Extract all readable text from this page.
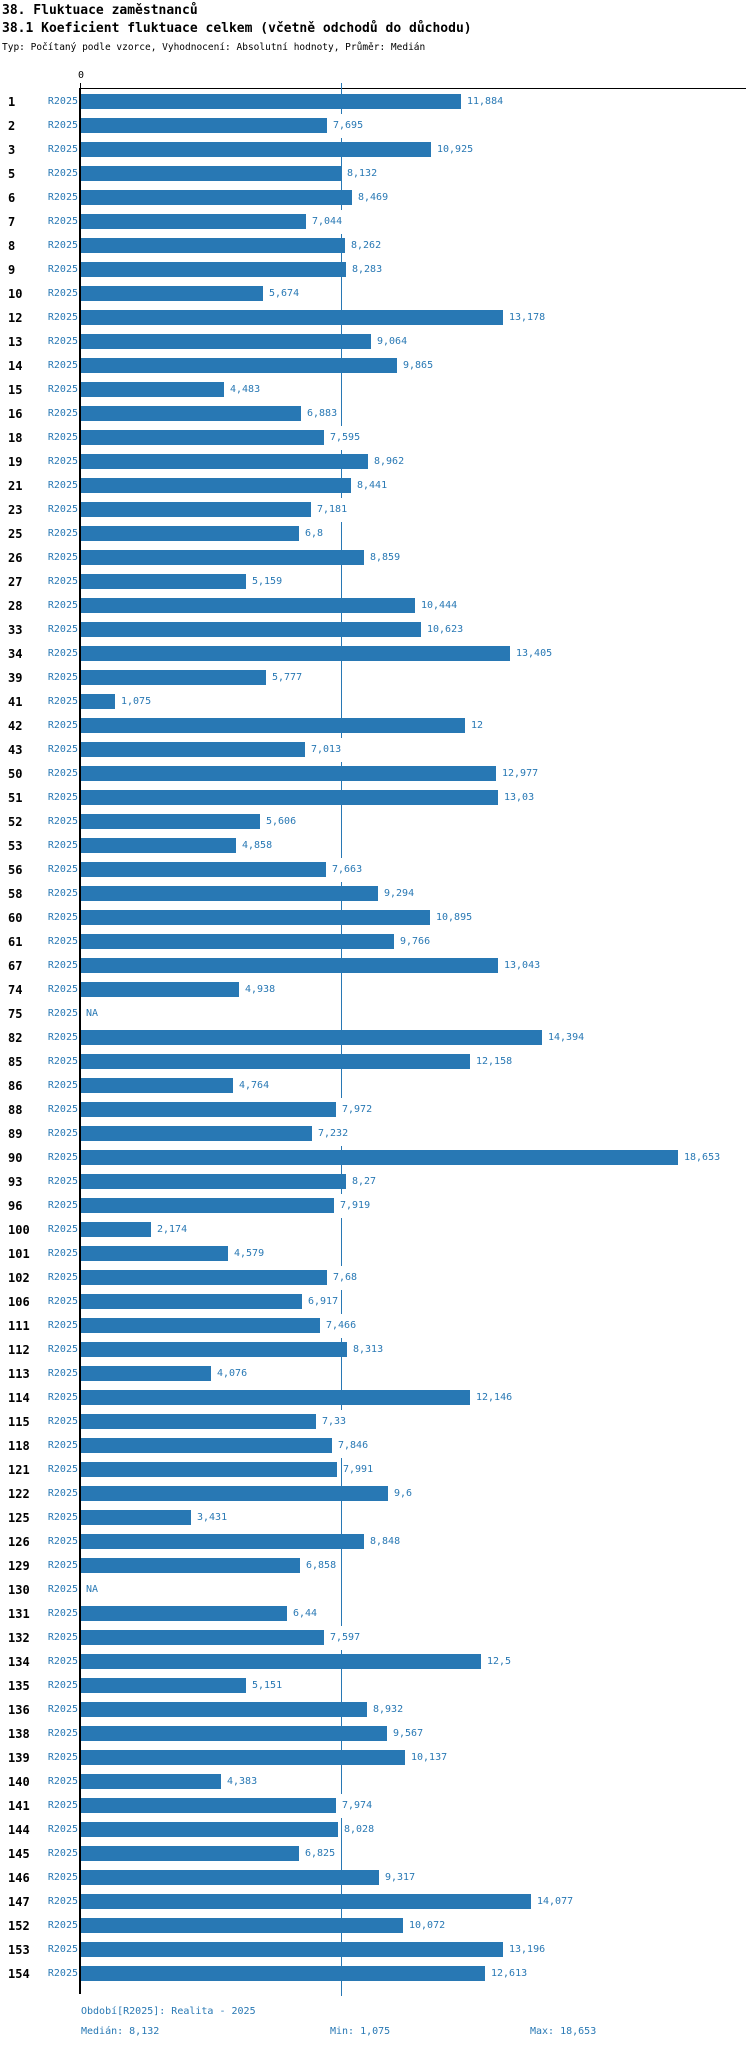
38. Fluktuace zaměstnanců
38.1 Koeficient fluktuace celkem (včetně odchodů do důchodu)
Typ: Počítaný podle vzorce, Vyhodnocení: Absolutní hodnoty, Průměr: Medián
0
1	R2025	11,884
2	R2025	7,695
3	R2025	10,925
5	R2025	8,132
6	R2025	8,469
7	R2025	7,044
8	R2025	8,262
9	R2025	8,283
10	R2025	5,674
12	R2025	13,178
13	R2025	9,064
14	R2025	9,865
15	R2025	4,483
16	R2025	6,883
18	R2025	7,595
19	R2025	8,962
21	R2025	8,441
23	R2025	7,181
25	R2025	6,8
26	R2025	8,859
27	R2025	5,159
28	R2025	10,444
33	R2025	10,623
34	R2025	13,405
39	R2025	5,777
41	R2025	1,075
42	R2025	12
43	R2025	7,013
50	R2025	12,977
51	R2025	13,03
52	R2025	5,606
53	R2025	4,858
56	R2025	7,663
58	R2025	9,294
60	R2025	10,895
61	R2025	9,766
67	R2025	13,043
74	R2025	4,938
75	R2025 NA
82	R2025	14,394
85	R2025	12,158
86	R2025	4,764
88	R2025	7,972
89	R2025	7,232
90	R2025	18,653
93	R2025	8,27
96	R2025	7,919
100	R2025	2,174
101	R2025	4,579
102	R2025	7,68
106	R2025	6,917
111	R2025	7,466
112	R2025	8,313
113	R2025	4,076
114	R2025	12,146
115	R2025	7,33
118	R2025	7,846
121	R2025	7,991
122	R2025	9,6
125	R2025	3,431
126	R2025	8,848
129	R2025	6,858
130	R2025 NA
131	R2025	6,44
132	R2025	7,597
134	R2025	12,5
135	R2025	5,151
136	R2025	8,932
138	R2025	9,567
139	R2025	10,137
140	R2025	4,383
141	R2025	7,974
144	R2025	8,028
145	R2025	6,825
146	R2025	9,317
147	R2025	14,077
152	R2025	10,072
153	R2025	13,196
154	R2025	12,613
Období[R2025]: Realita - 2025
Medián: 8,132	Min: 1,075	Max: 18,653
